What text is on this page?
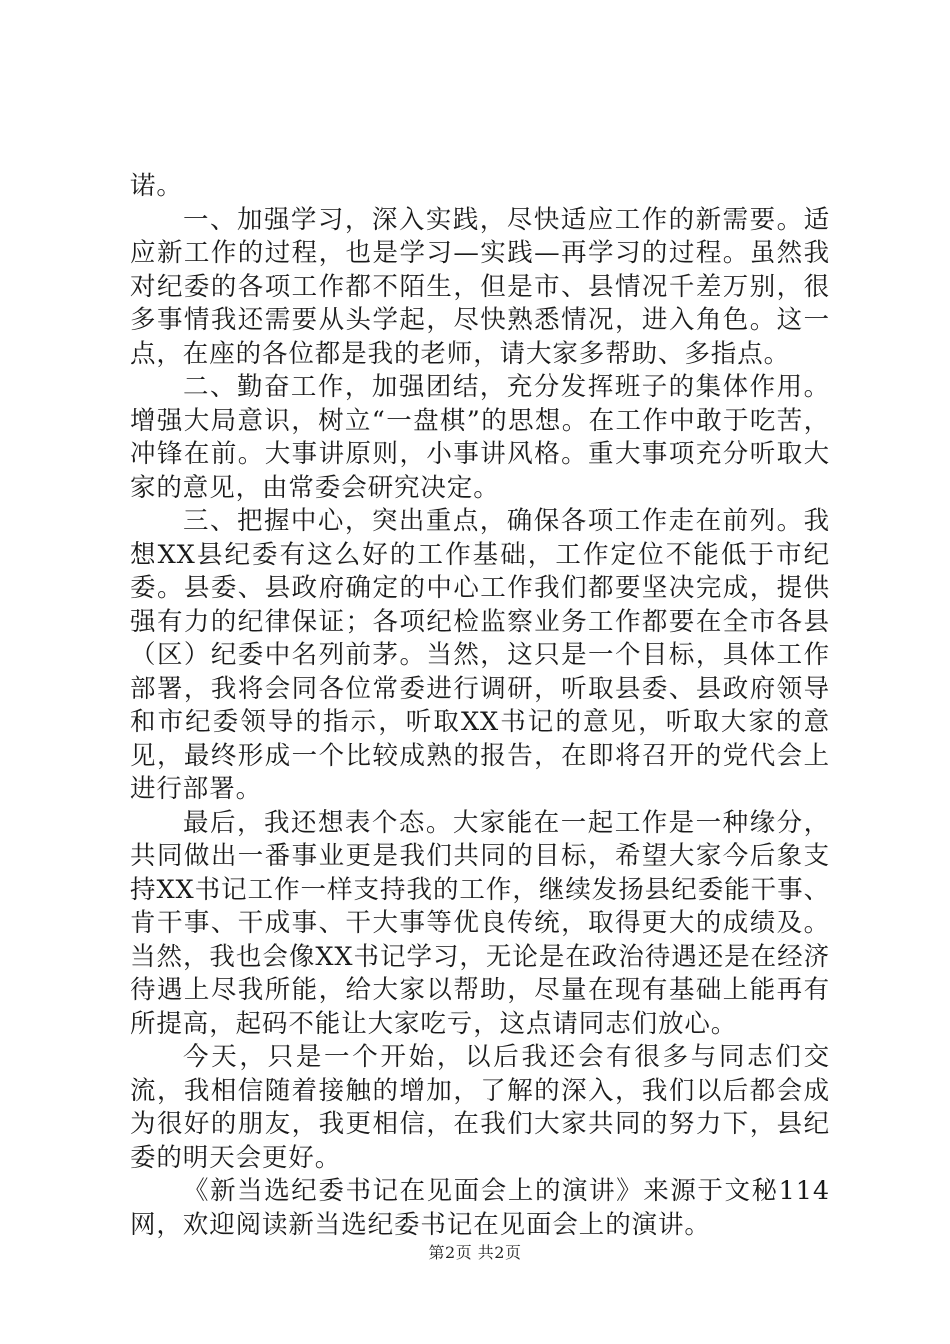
诺。

一、加强学习，深入实践，尽快适应工作的新需要。适应新工作的过程，也是学习—实践—再学习的过程。虽然我对纪委的各项工作都不陌生，但是市、县情况千差万别，很多事情我还需要从头学起，尽快熟悉情况，进入角色。这一点，在座的各位都是我的老师，请大家多帮助、多指点。

二、勤奋工作，加强团结，充分发挥班子的集体作用。增强大局意识，树立“一盘棋”的思想。在工作中敢于吃苦，冲锋在前。大事讲原则，小事讲风格。重大事项充分听取大家的意见，由常委会研究决定。

三、把握中心，突出重点，确保各项工作走在前列。我想XX县纪委有这么好的工作基础，工作定位不能低于市纪委。县委、县政府确定的中心工作我们都要坚决完成，提供强有力的纪律保证；各项纪检监察业务工作都要在全市各县（区）纪委中名列前茅。当然，这只是一个目标，具体工作部署，我将会同各位常委进行调研，听取县委、县政府领导和市纪委领导的指示，听取XX书记的意见，听取大家的意见，最终形成一个比较成熟的报告，在即将召开的党代会上进行部署。

最后，我还想表个态。大家能在一起工作是一种缘分，共同做出一番事业更是我们共同的目标，希望大家今后象支持XX书记工作一样支持我的工作，继续发扬县纪委能干事、肯干事、干成事、干大事等优良传统，取得更大的成绩及。当然，我也会像XX书记学习，无论是在政治待遇还是在经济待遇上尽我所能，给大家以帮助，尽量在现有基础上能再有所提高，起码不能让大家吃亏，这点请同志们放心。

今天，只是一个开始，以后我还会有很多与同志们交流，我相信随着接触的增加，了解的深入，我们以后都会成为很好的朋友，我更相信，在我们大家共同的努力下，县纪委的明天会更好。

《新当选纪委书记在见面会上的演讲》来源于文秘114网，欢迎阅读新当选纪委书记在见面会上的演讲。

第2页 共2页
